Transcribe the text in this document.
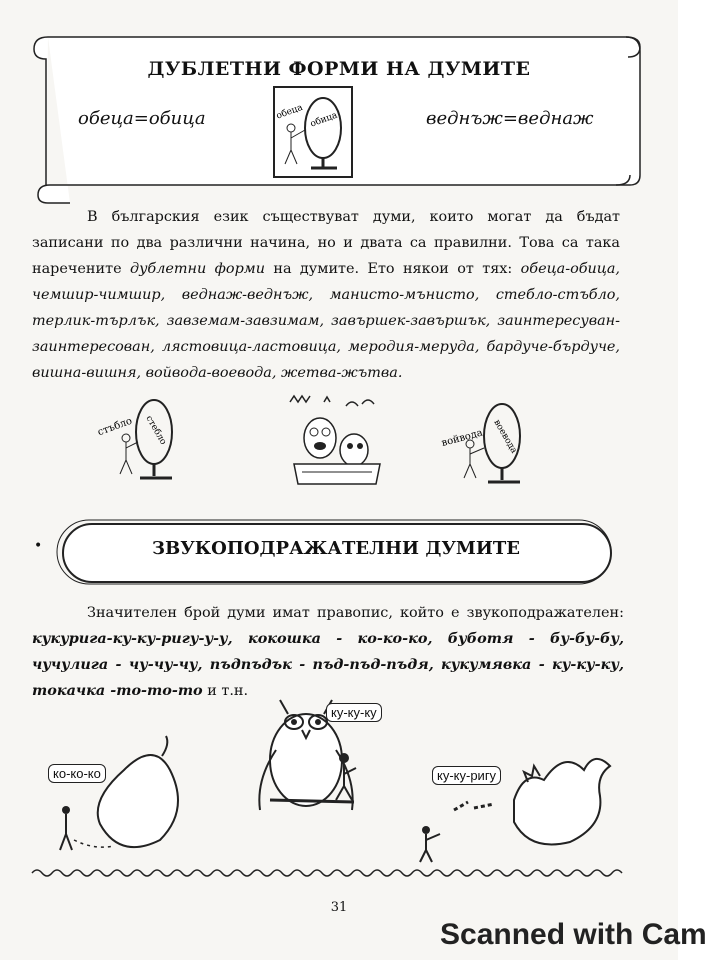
ДУБЛЕТНИ ФОРМИ НА ДУМИТЕ
обеца=обица	веднъж=веднаж
обеца обица
В българския език съществуват думи, които могат да бъдат записани по два различни начина, но и двата са правилни. Това са така наречените дублетни форми на думите. Ето някои от тях: обеца-обица, чемшир-чимшир, веднаж-веднъж, манисто-мънисто, стебло-стъбло, терлик-търлък, завземам-завзимам, завършек-завършък, заинтересуван-заинтересован, лястовица-ластовица, меродия-меруда, бардуче-бърдуче, вишна-вишня, войвода-воевода, жетва-жътва.
стъбло стебло	войвода воевода
•	ЗВУКОПОДРАЖАТЕЛНИ ДУМИТЕ
Значителен брой думи имат правопис, който е звукоподражателен: кукурига-ку-ку-ригу-у-у, кокошка - ко-ко-ко, буботя - бу-бу-бу, чучулига - чу-чу-чу, пъдпъдък - пъд-пъд-пъдя, кукумявка - ку-ку-ку, токачка -то-то-то и т.н.
ку-ку-ку
ко-ко-ко	ку-ку-ригу
31
Scanned with Cam
